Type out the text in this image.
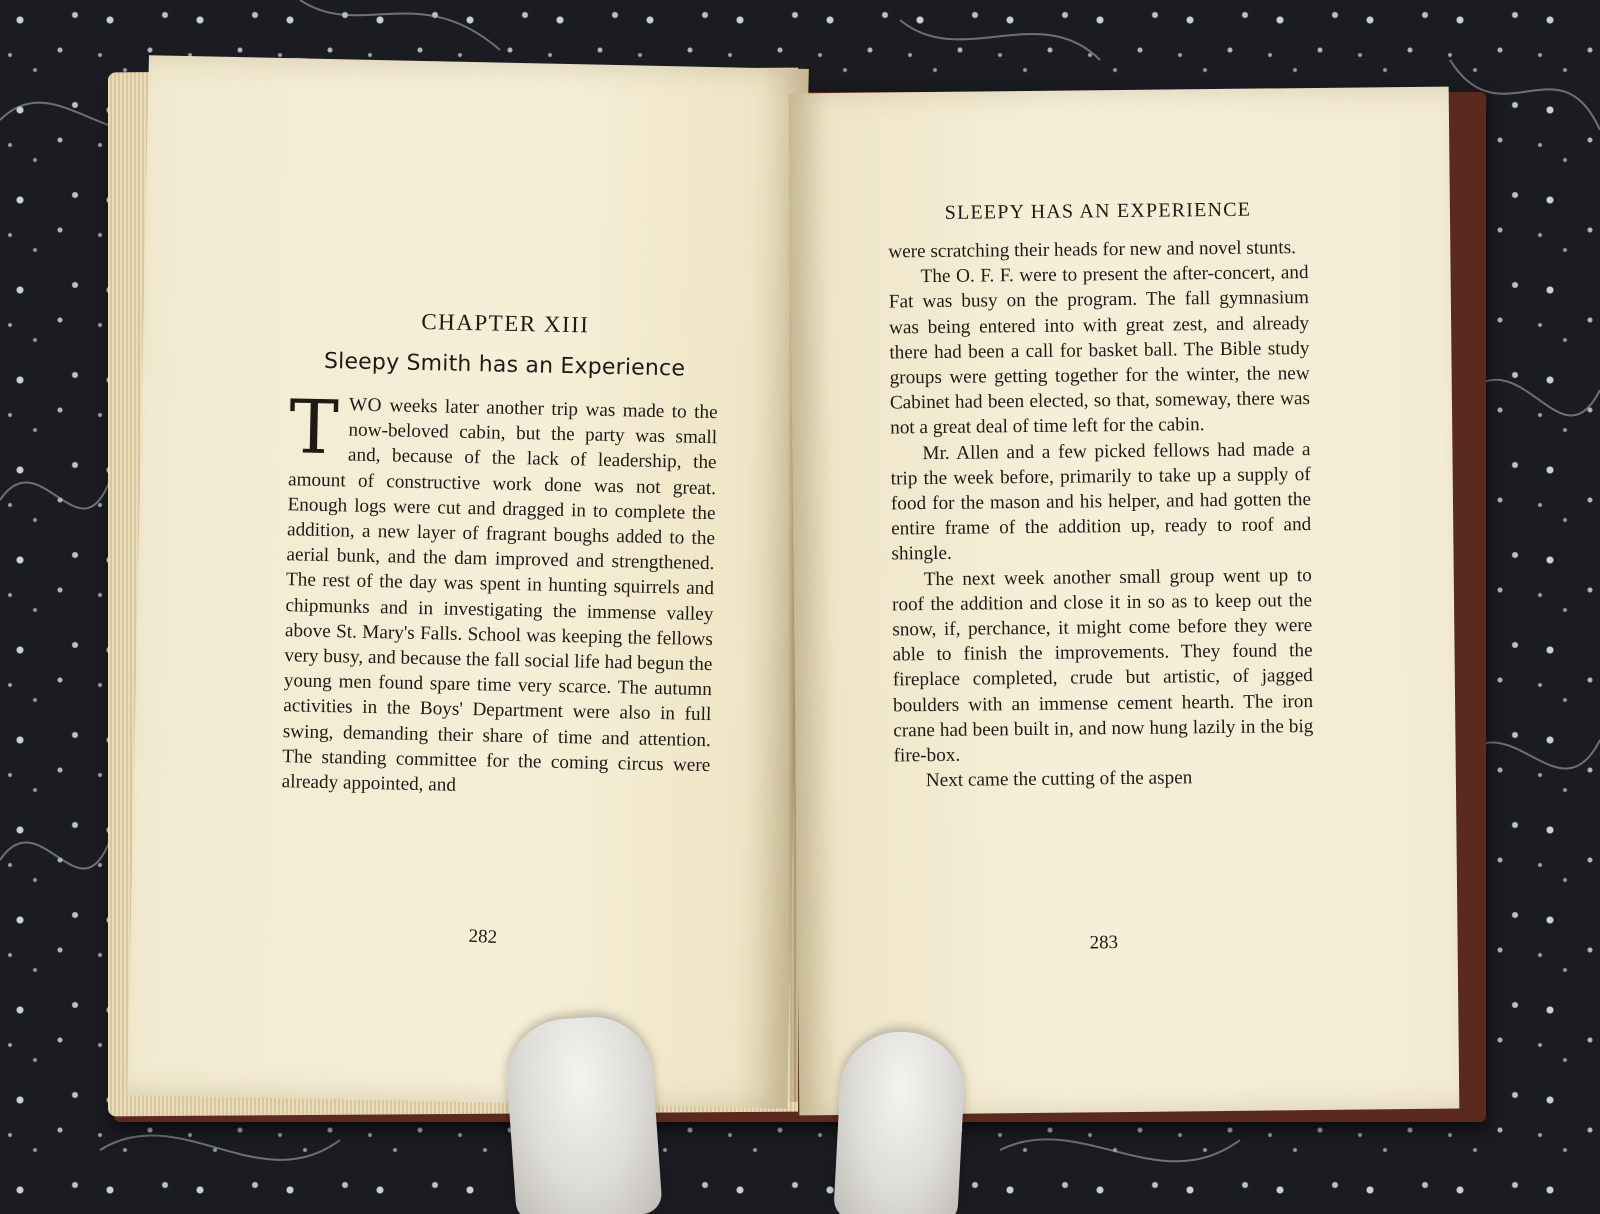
CHAPTER XIII
Sleepy Smith has an Experience

TWO weeks later another trip was made to the now-beloved cabin, but the party was small and, because of the lack of leadership, the amount of constructive work done was not great. Enough logs were cut and dragged in to complete the addition, a new layer of fragrant boughs added to the aerial bunk, and the dam improved and strengthened. The rest of the day was spent in hunting squirrels and chipmunks and in investigating the immense valley above St. Mary's Falls. School was keeping the fellows very busy, and because the fall social life had begun the young men found spare time very scarce. The autumn activities in the Boys' Department were also in full swing, demanding their share of time and attention. The standing committee for the coming circus were already appointed, and

282
SLEEPY HAS AN EXPERIENCE

were scratching their heads for new and novel stunts.

The O. F. F. were to present the after-concert, and Fat was busy on the program. The fall gymnasium was being entered into with great zest, and already there had been a call for basket ball. The Bible study groups were getting together for the winter, the new Cabinet had been elected, so that, someway, there was not a great deal of time left for the cabin.

Mr. Allen and a few picked fellows had made a trip the week before, primarily to take up a supply of food for the mason and his helper, and had gotten the entire frame of the addition up, ready to roof and shingle.

The next week another small group went up to roof the addition and close it in so as to keep out the snow, if, perchance, it might come before they were able to finish the improvements. They found the fireplace completed, crude but artistic, of jagged boulders with an immense cement hearth. The iron crane had been built in, and now hung lazily in the big fire-box.

Next came the cutting of the aspen

283
